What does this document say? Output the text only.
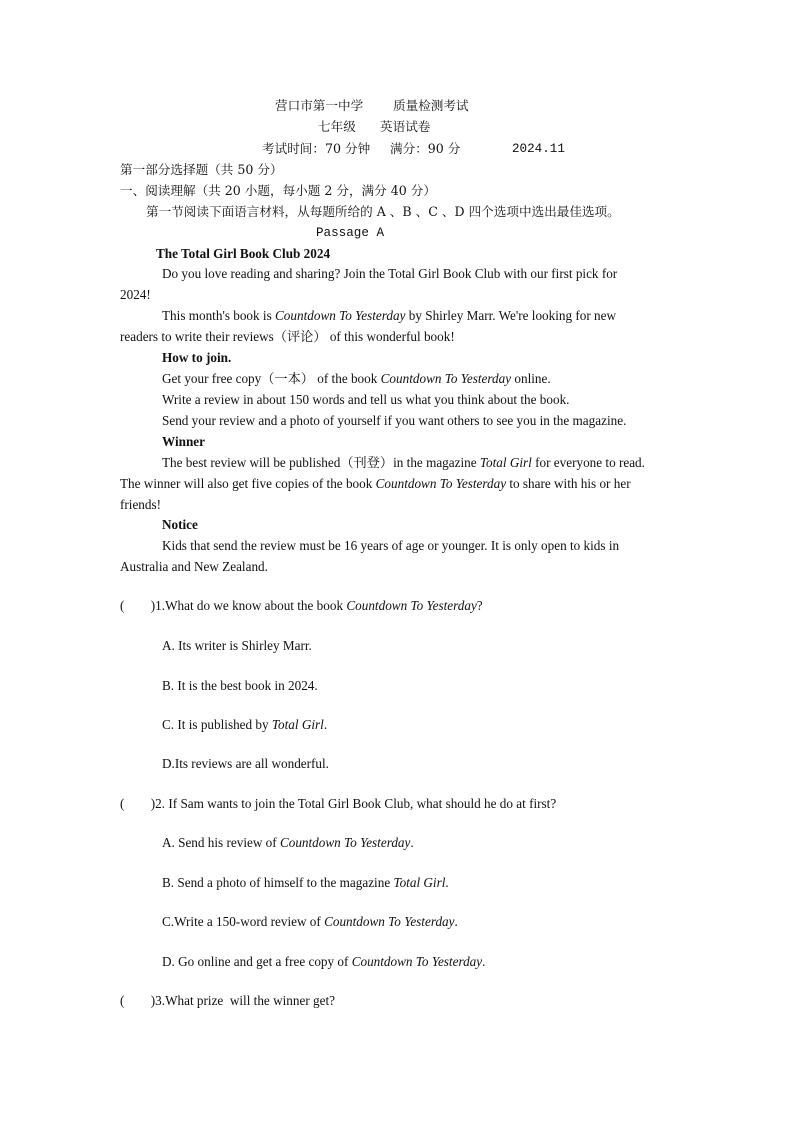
营口市第一中学 质量检测考试
七年级 英语试卷
考试时间：70 分钟 满分：90 分	2024.11
第一部分选择题（共 50 分）
一、阅读理解（共 20 小题，每小题 2 分，满分 40 分）
第一节阅读下面语言材料，从每题所给的 A 、B 、C 、D 四个选项中选出最佳选项。
Passage A
The Total Girl Book Club 2024
Do you love reading and sharing? Join the Total Girl Book Club with our first pick for
2024!
This month's book is Countdown To Yesterday by Shirley Marr. We're looking for new
readers to write their reviews（评论） of this wonderful book!
How to join.
Get your free copy（一本） of the book Countdown To Yesterday online.
Write a review in about 150 words and tell us what you think about the book.
Send your review and a photo of yourself if you want others to see you in the magazine.
Winner
The best review will be published（刊登）in the magazine Total Girl for everyone to read.
The winner will also get five copies of the book Countdown To Yesterday to share with his or her
friends!
Notice
Kids that send the review must be 16 years of age or younger. It is only open to kids in
Australia and New Zealand.
(        )1.What do we know about the book Countdown To Yesterday?
A. Its writer is Shirley Marr.
B. It is the best book in 2024.
C. It is published by Total Girl.
D.Its reviews are all wonderful.
(        )2. If Sam wants to join the Total Girl Book Club, what should he do at first?
A. Send his review of Countdown To Yesterday.
B. Send a photo of himself to the magazine Total Girl.
C.Write a 150-word review of Countdown To Yesterday.
D. Go online and get a free copy of Countdown To Yesterday.
(        )3.What prize  will the winner get?
